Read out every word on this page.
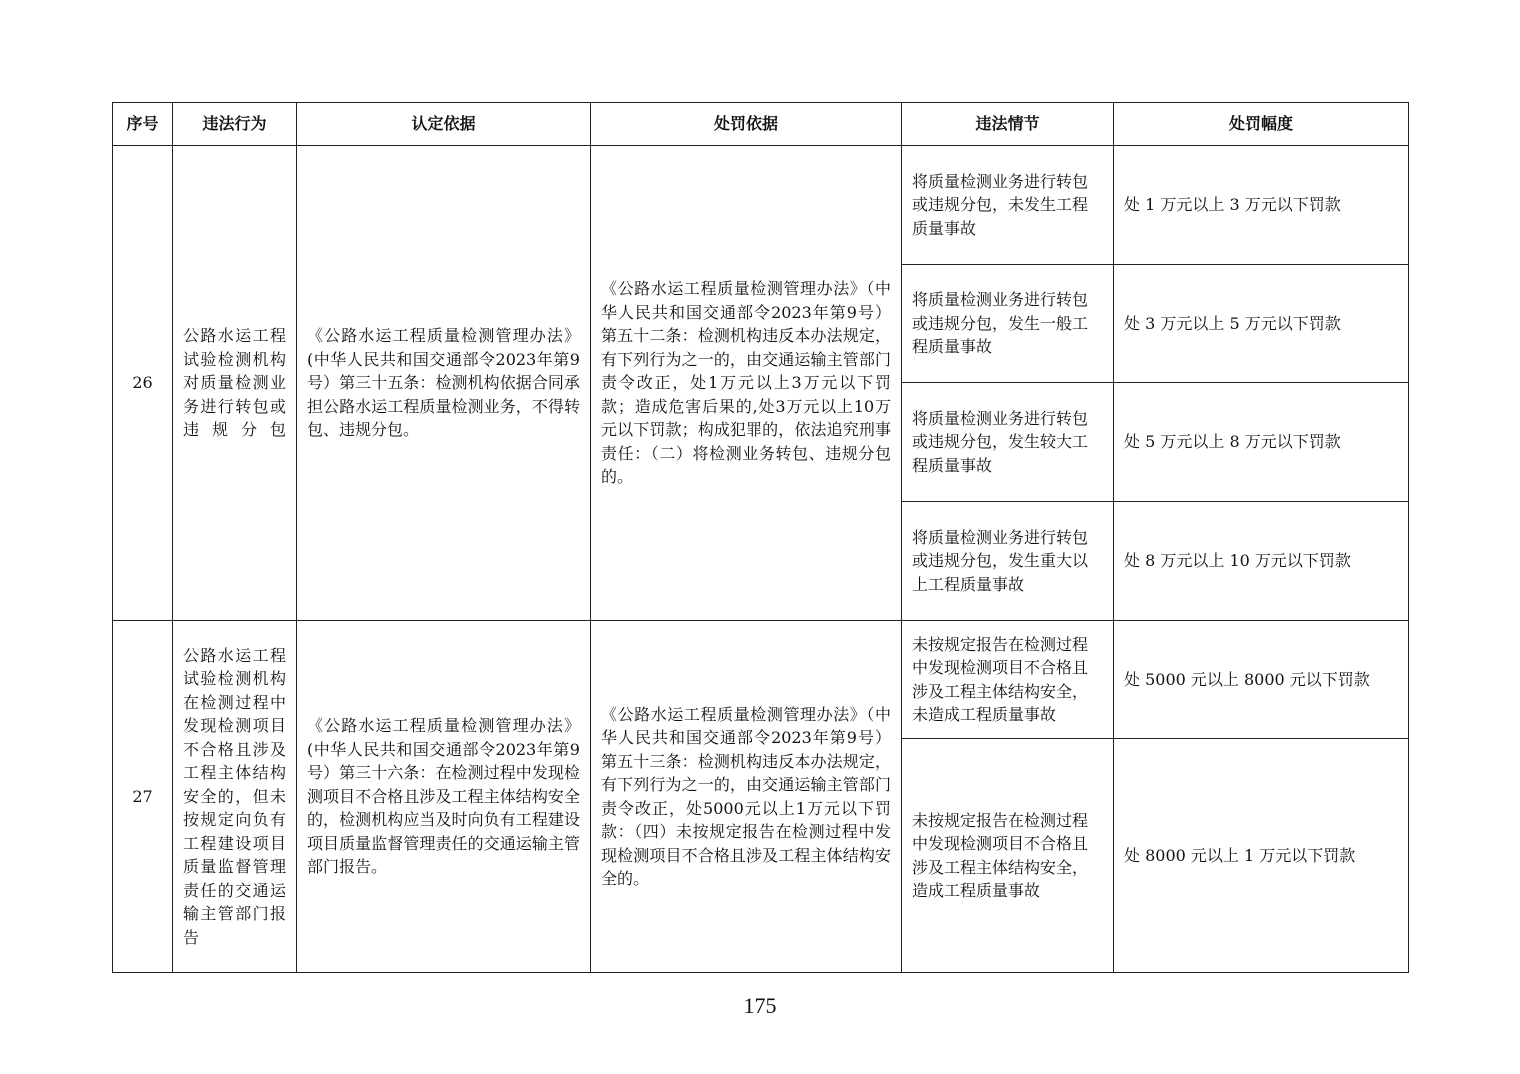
序号	违法行为	认定依据	处罚依据	违法情节	处罚幅度
26	公路水运工程试验检测机构对质量检测业务进行转包或违规分包	《公路水运工程质量检测管理办法》(中华人民共和国交通部令2023年第9号）第三十五条：检测机构依据合同承担公路水运工程质量检测业务，不得转包、违规分包。	《公路水运工程质量检测管理办法》（中华人民共和国交通部令2023年第9号）第五十二条：检测机构违反本办法规定，有下列行为之一的，由交通运输主管部门责令改正，处1万元以上3万元以下罚款；造成危害后果的,处3万元以上10万元以下罚款；构成犯罪的，依法追究刑事责任：（二）将检测业务转包、违规分包的。	将质量检测业务进行转包或违规分包，未发生工程质量事故	处 1 万元以上 3 万元以下罚款
				将质量检测业务进行转包或违规分包，发生一般工程质量事故	处 3 万元以上 5 万元以下罚款
				将质量检测业务进行转包或违规分包，发生较大工程质量事故	处 5 万元以上 8 万元以下罚款
				将质量检测业务进行转包或违规分包，发生重大以上工程质量事故	处 8 万元以上 10 万元以下罚款
27	公路水运工程试验检测机构在检测过程中发现检测项目不合格且涉及工程主体结构安全的，但未按规定向负有工程建设项目质量监督管理责任的交通运输主管部门报告	《公路水运工程质量检测管理办法》(中华人民共和国交通部令2023年第9号）第三十六条：在检测过程中发现检测项目不合格且涉及工程主体结构安全的，检测机构应当及时向负有工程建设项目质量监督管理责任的交通运输主管部门报告。	《公路水运工程质量检测管理办法》（中华人民共和国交通部令2023年第9号）第五十三条：检测机构违反本办法规定，有下列行为之一的，由交通运输主管部门责令改正，处5000元以上1万元以下罚款：（四）未按规定报告在检测过程中发现检测项目不合格且涉及工程主体结构安全的。	未按规定报告在检测过程中发现检测项目不合格且涉及工程主体结构安全，未造成工程质量事故	处 5000 元以上 8000 元以下罚款
				未按规定报告在检测过程中发现检测项目不合格且涉及工程主体结构安全，造成工程质量事故	处 8000 元以上 1 万元以下罚款
175
